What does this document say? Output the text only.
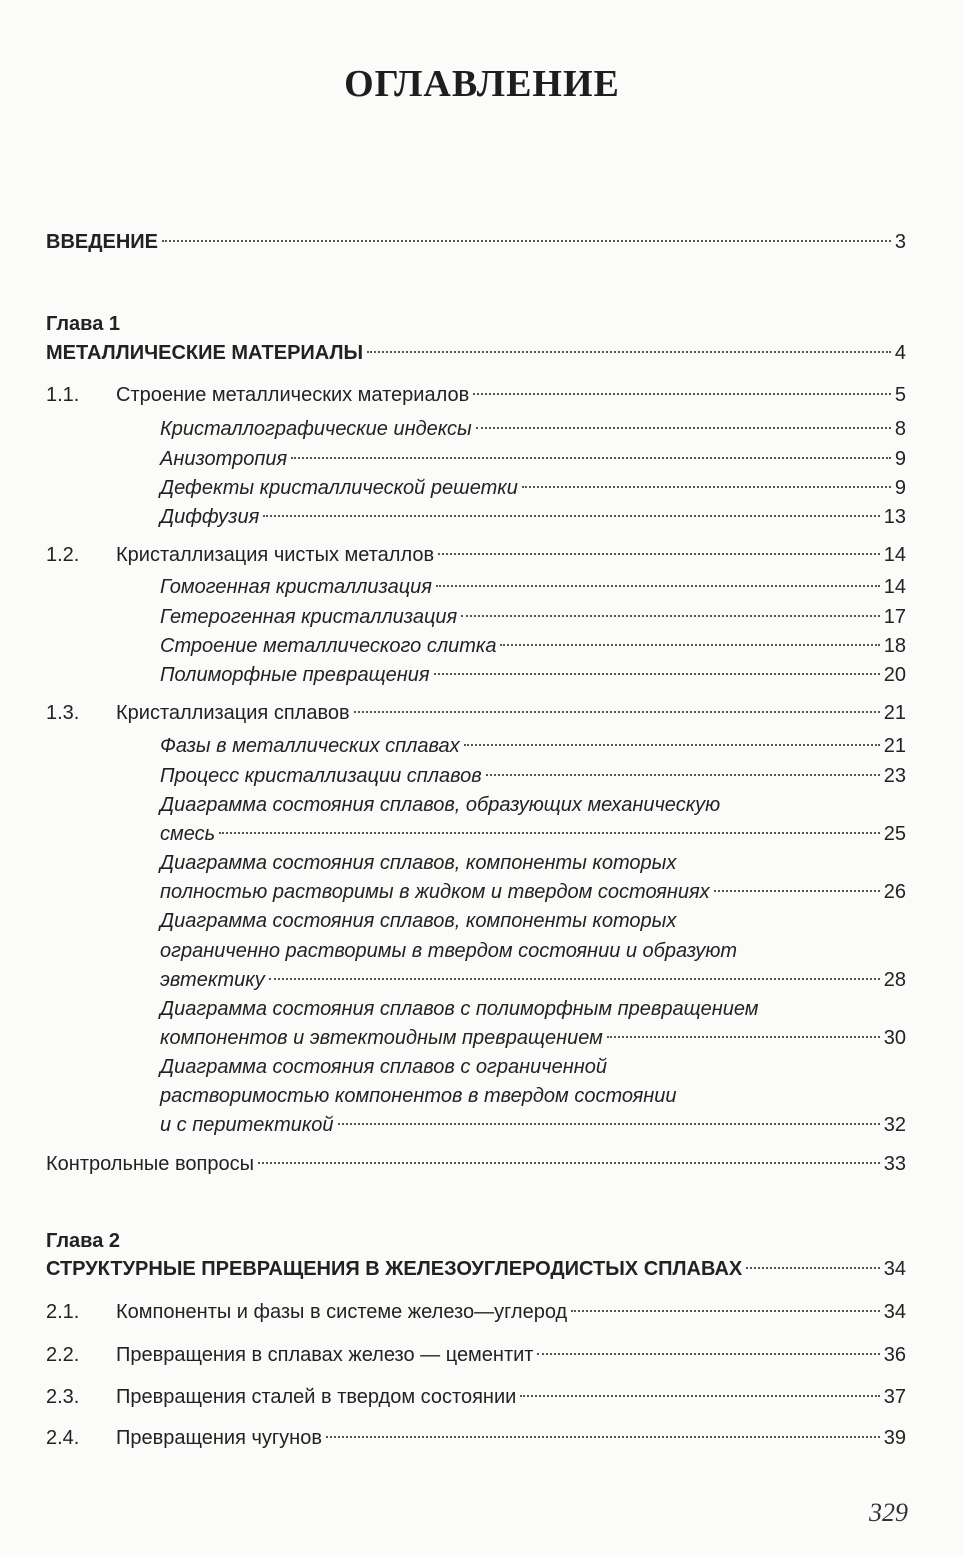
ОГЛАВЛЕНИЕ
ВВЕДЕНИЕ	3
Глава 1
МЕТАЛЛИЧЕСКИЕ МАТЕРИАЛЫ	4
1.1. Строение металлических материалов	5
Кристаллографические индексы	8
Анизотропия	9
Дефекты кристаллической решетки	9
Диффузия	13
1.2. Кристаллизация чистых металлов	14
Гомогенная кристаллизация	14
Гетерогенная кристаллизация	17
Строение металлического слитка	18
Полиморфные превращения	20
1.3. Кристаллизация сплавов	21
Фазы в металлических сплавах	21
Процесс кристаллизации сплавов	23
Диаграмма состояния сплавов, образующих механическую
смесь	25
Диаграмма состояния сплавов, компоненты которых
полностью растворимы в жидком и твердом состояниях	26
Диаграмма состояния сплавов, компоненты которых
ограниченно растворимы в твердом состоянии и образуют
эвтектику	28
Диаграмма состояния сплавов с полиморфным превращением
компонентов и эвтектоидным превращением	30
Диаграмма состояния сплавов с ограниченной
растворимостью компонентов в твердом состоянии
и с перитектикой	32
Контрольные вопросы	33
Глава 2
СТРУКТУРНЫЕ ПРЕВРАЩЕНИЯ В ЖЕЛЕЗОУГЛЕРОДИСТЫХ СПЛАВАХ	34
2.1. Компоненты и фазы в системе железо—углерод	34
2.2. Превращения в сплавах железо — цементит	36
2.3. Превращения сталей в твердом состоянии	37
2.4. Превращения чугунов	39
329
